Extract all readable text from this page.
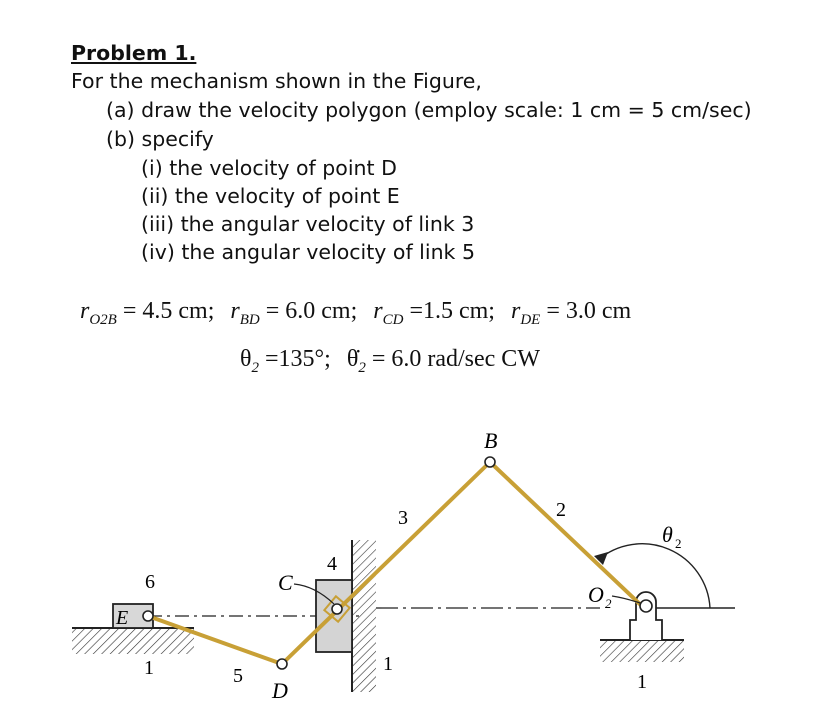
Problem 1.
For the mechanism shown in the Figure,
(a) draw the velocity polygon (employ scale: 1 cm = 5 cm/sec)
(b) specify
(i) the velocity of point D
(ii) the velocity of point E
(iii) the angular velocity of link 3
(iv) the angular velocity of link 5
$r_{O2B} = 4.5$ cm; $r_{BD} = 6.0$ cm; $r_{CD} =1.5$ cm; $r_{DE} = 3.0$ cm
$\theta_2 =135^\circ$; $\thetȧ_2 = 6.0$ rad/sec CW
B
C
D
E
O 2
θ 2
2
3
4
5
6
1	1
1
